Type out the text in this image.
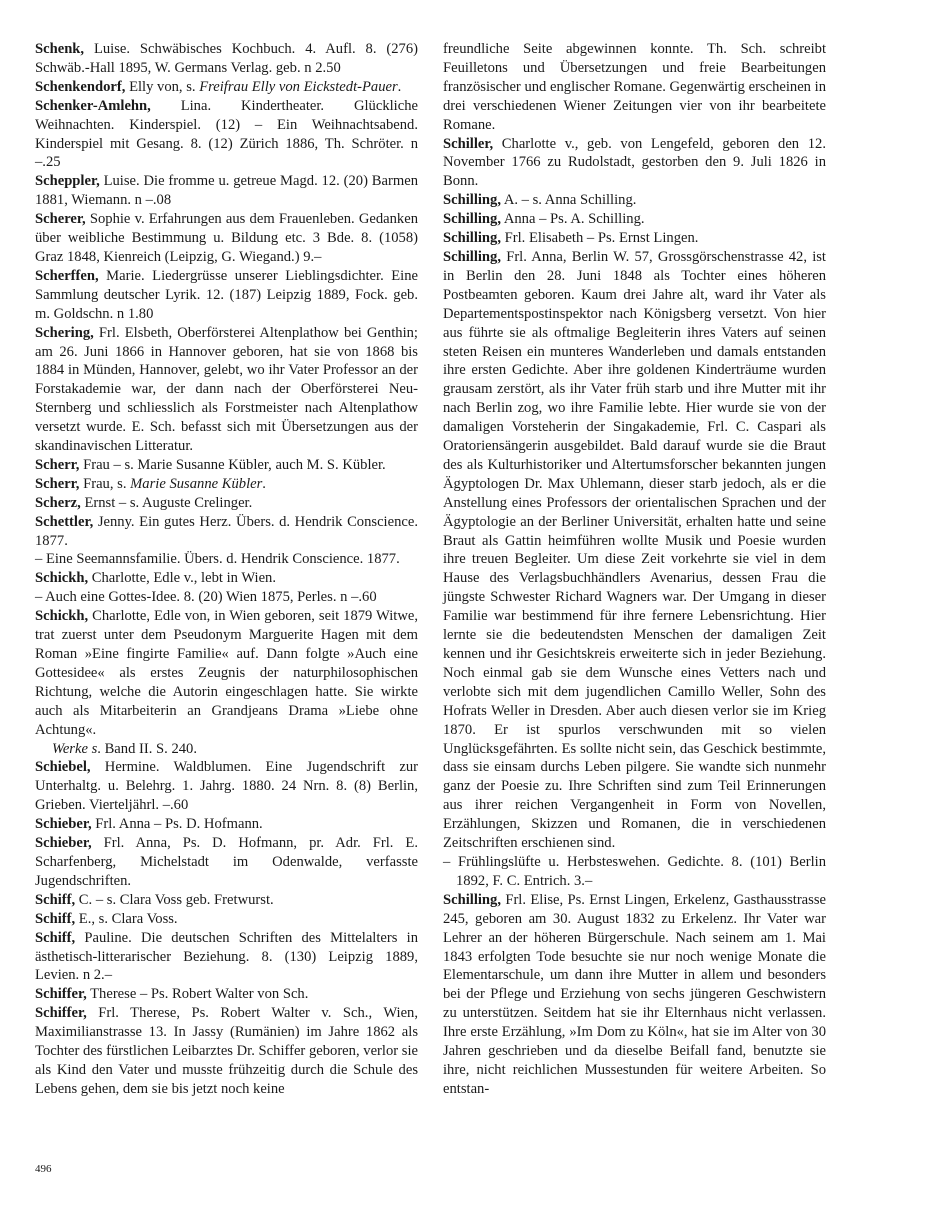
Schenk, Luise. Schwäbisches Kochbuch. 4. Aufl. 8. (276) Schwäb.-Hall 1895, W. Germans Verlag. geb. n 2.50

Schenkendorf, Elly von, s. Freifrau Elly von Eickstedt-Pauer.

Schenker-Amlehn, Lina. Kindertheater. Glückliche Weihnachten. Kinderspiel. (12) – Ein Weihnachtsabend. Kinderspiel mit Gesang. 8. (12) Zürich 1886, Th. Schröter. n –.25

Scheppler, Luise. Die fromme u. getreue Magd. 12. (20) Barmen 1881, Wiemann. n –.08

Scherer, Sophie v. Erfahrungen aus dem Frauenleben. Gedanken über weibliche Bestimmung u. Bildung etc. 3 Bde. 8. (1058) Graz 1848, Kienreich (Leipzig, G. Wiegand.) 9.–

Scherffen, Marie. Liedergrüsse unserer Lieblingsdichter. Eine Sammlung deutscher Lyrik. 12. (187) Leipzig 1889, Fock. geb. m. Goldschn. n 1.80

Schering, Frl. Elsbeth, Oberförsterei Altenplathow bei Genthin; am 26. Juni 1866 in Hannover geboren, hat sie von 1868 bis 1884 in Münden, Hannover, gelebt, wo ihr Vater Professor an der Forstakademie war, der dann nach der Oberförsterei Neu-Sternberg und schliesslich als Forstmeister nach Altenplathow versetzt wurde. E. Sch. befasst sich mit Übersetzungen aus der skandinavischen Litteratur.

Scherr, Frau – s. Marie Susanne Kübler, auch M. S. Kübler.

Scherr, Frau, s. Marie Susanne Kübler.

Scherz, Ernst – s. Auguste Crelinger.

Schettler, Jenny. Ein gutes Herz. Übers. d. Hendrik Conscience. 1877.

– Eine Seemannsfamilie. Übers. d. Hendrik Conscience. 1877.

Schickh, Charlotte, Edle v., lebt in Wien.

– Auch eine Gottes-Idee. 8. (20) Wien 1875, Perles. n –.60

Schickh, Charlotte, Edle von, in Wien geboren, seit 1879 Witwe, trat zuerst unter dem Pseudonym Marguerite Hagen mit dem Roman »Eine fingirte Familie« auf. Dann folgte »Auch eine Gottesidee« als erstes Zeugnis der naturphilosophischen Richtung, welche die Autorin eingeschlagen hatte. Sie wirkte auch als Mitarbeiterin an Grandjeans Drama »Liebe ohne Achtung«.

Werke s. Band II. S. 240.

Schiebel, Hermine. Waldblumen. Eine Jugendschrift zur Unterhaltg. u. Belehrg. 1. Jahrg. 1880. 24 Nrn. 8. (8) Berlin, Grieben. Vierteljährl. –.60

Schieber, Frl. Anna – Ps. D. Hofmann.

Schieber, Frl. Anna, Ps. D. Hofmann, pr. Adr. Frl. E. Scharfenberg, Michelstadt im Odenwalde, verfasste Jugendschriften.

Schiff, C. – s. Clara Voss geb. Fretwurst.

Schiff, E., s. Clara Voss.

Schiff, Pauline. Die deutschen Schriften des Mittelalters in ästhetisch-litterarischer Beziehung. 8. (130) Leipzig 1889, Levien. n 2.–

Schiffer, Therese – Ps. Robert Walter von Sch.

Schiffer, Frl. Therese, Ps. Robert Walter v. Sch., Wien, Maximilianstrasse 13. In Jassy (Rumänien) im Jahre 1862 als Tochter des fürstlichen Leibarztes Dr. Schiffer geboren, verlor sie als Kind den Vater und musste frühzeitig durch die Schule des Lebens gehen, dem sie bis jetzt noch keine

freundliche Seite abgewinnen konnte. Th. Sch. schreibt Feuilletons und Übersetzungen und freie Bearbeitungen französischer und englischer Romane. Gegenwärtig erscheinen in drei verschiedenen Wiener Zeitungen vier von ihr bearbeitete Romane.

Schiller, Charlotte v., geb. von Lengefeld, geboren den 12. November 1766 zu Rudolstadt, gestorben den 9. Juli 1826 in Bonn.

Schilling, A. – s. Anna Schilling.

Schilling, Anna – Ps. A. Schilling.

Schilling, Frl. Elisabeth – Ps. Ernst Lingen.

Schilling, Frl. Anna, Berlin W. 57, Grossgörschenstrasse 42, ist in Berlin den 28. Juni 1848 als Tochter eines höheren Postbeamten geboren. Kaum drei Jahre alt, ward ihr Vater als Departementspostinspektor nach Königsberg versetzt. Von hier aus führte sie als oftmalige Begleiterin ihres Vaters auf seinen steten Reisen ein munteres Wanderleben und damals entstanden ihre ersten Gedichte. Aber ihre goldenen Kinderträume wurden grausam zerstört, als ihr Vater früh starb und ihre Mutter mit ihr nach Berlin zog, wo ihre Familie lebte. Hier wurde sie von der damaligen Vorsteherin der Singakademie, Frl. C. Caspari als Oratoriensängerin ausgebildet. Bald darauf wurde sie die Braut des als Kulturhistoriker und Altertumsforscher bekannten jungen Ägyptologen Dr. Max Uhlemann, dieser starb jedoch, als er die Anstellung eines Professors der orientalischen Sprachen und der Ägyptologie an der Berliner Universität, erhalten hatte und seine Braut als Gattin heimführen wollte Musik und Poesie wurden ihre treuen Begleiter. Um diese Zeit vorkehrte sie viel in dem Hause des Verlagsbuchhändlers Avenarius, dessen Frau die jüngste Schwester Richard Wagners war. Der Umgang in dieser Familie war bestimmend für ihre fernere Lebensrichtung. Hier lernte sie die bedeutendsten Menschen der damaligen Zeit kennen und ihr Gesichtskreis erweiterte sich in jeder Beziehung. Noch einmal gab sie dem Wunsche eines Vetters nach und verlobte sich mit dem jugendlichen Camillo Weller, Sohn des Hofrats Weller in Dresden. Aber auch diesen verlor sie im Krieg 1870. Er ist spurlos verschwunden mit so vielen Unglücksgefährten. Es sollte nicht sein, das Geschick bestimmte, dass sie einsam durchs Leben pilgere. Sie wandte sich nunmehr ganz der Poesie zu. Ihre Schriften sind zum Teil Erinnerungen aus ihrer reichen Vergangenheit in Form von Novellen, Erzählungen, Skizzen und Romanen, die in verschiedenen Zeitschriften erschienen sind.

– Frühlingslüfte u. Herbsteswehen. Gedichte. 8. (101) Berlin 1892, F. C. Entrich. 3.–

Schilling, Frl. Elise, Ps. Ernst Lingen, Erkelenz, Gasthausstrasse 245, geboren am 30. August 1832 zu Erkelenz. Ihr Vater war Lehrer an der höheren Bürgerschule. Nach seinem am 1. Mai 1843 erfolgten Tode besuchte sie nur noch wenige Monate die Elementarschule, um dann ihre Mutter in allem und besonders bei der Pflege und Erziehung von sechs jüngeren Geschwistern zu unterstützen. Seitdem hat sie ihr Elternhaus nicht verlassen. Ihre erste Erzählung, »Im Dom zu Köln«, hat sie im Alter von 30 Jahren geschrieben und da dieselbe Beifall fand, benutzte sie ihre, nicht reichlichen Mussestunden für weitere Arbeiten. So entstan-

496
